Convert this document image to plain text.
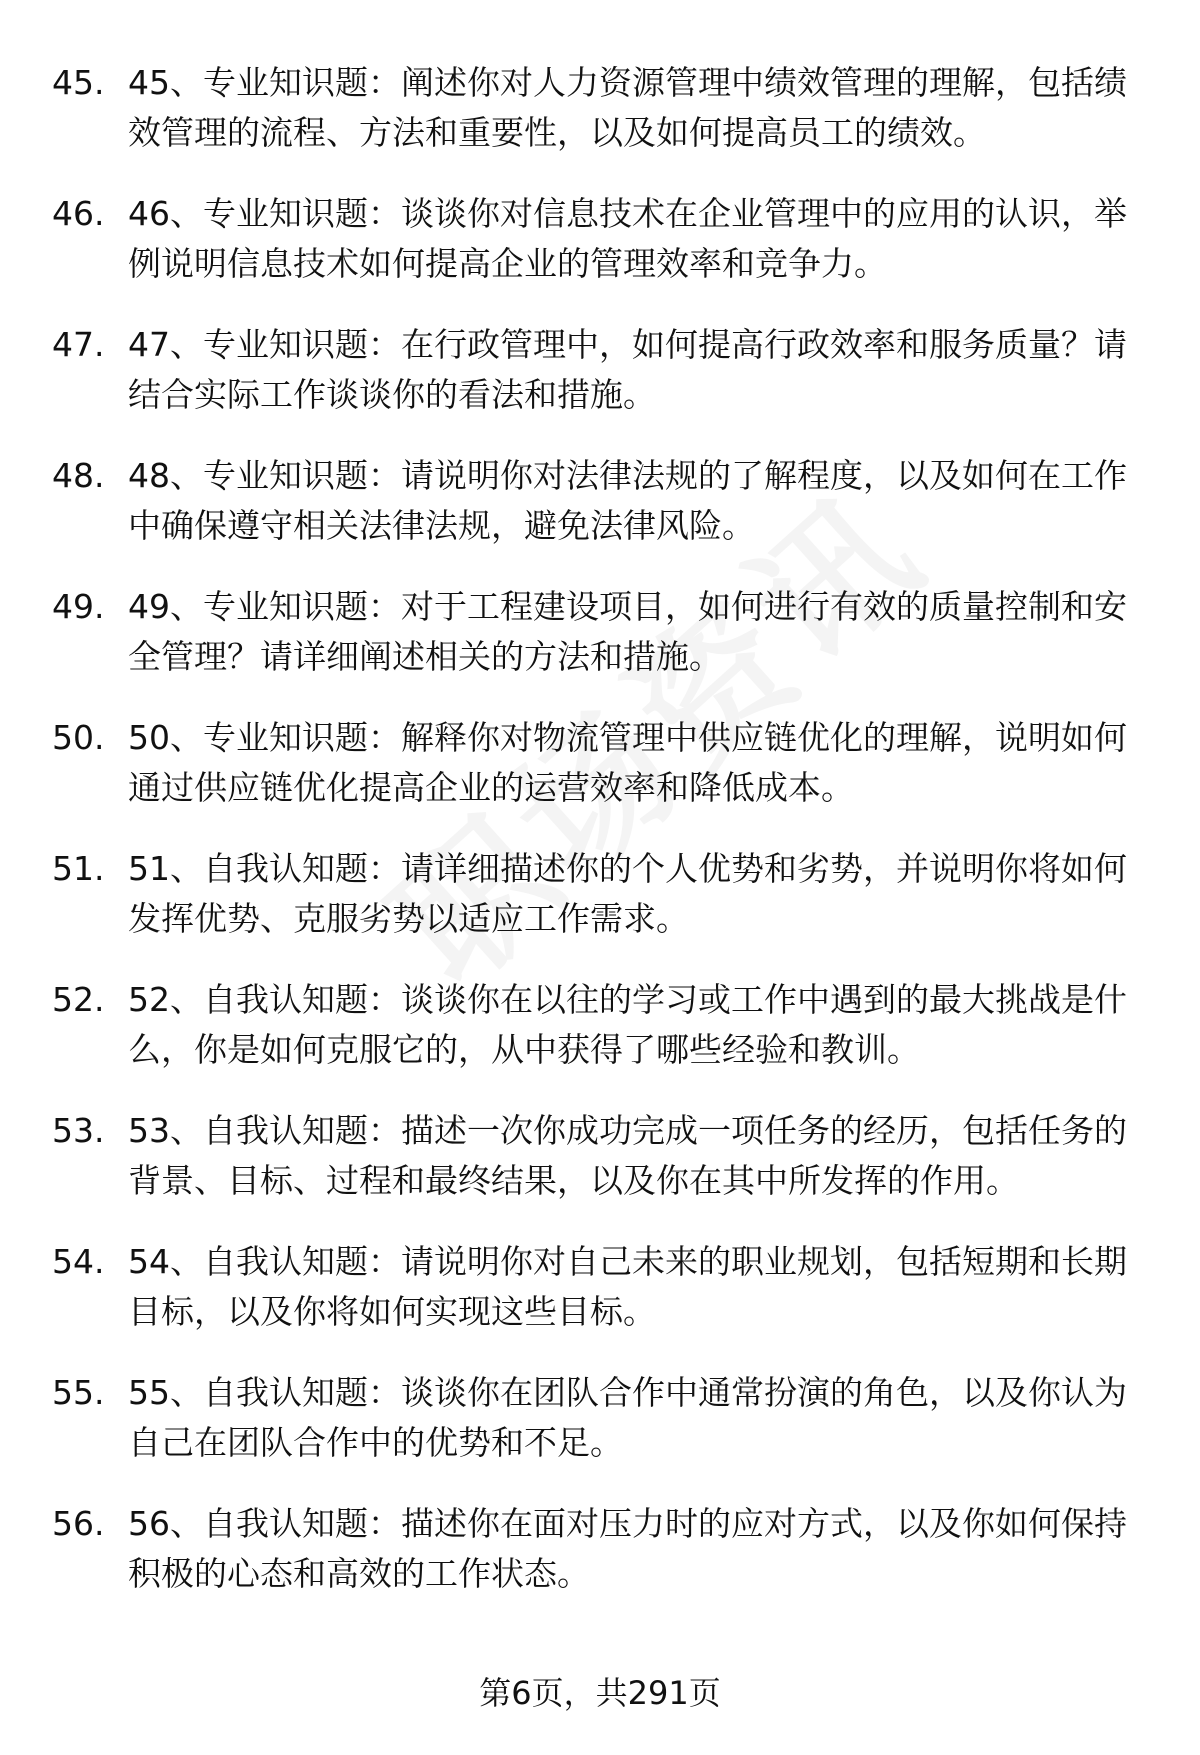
45. 45、专业知识题：阐述你对人力资源管理中绩效管理的理解，包括绩效管理的流程、方法和重要性，以及如何提高员工的绩效。
46. 46、专业知识题：谈谈你对信息技术在企业管理中的应用的认识，举例说明信息技术如何提高企业的管理效率和竞争力。
47. 47、专业知识题：在行政管理中，如何提高行政效率和服务质量？请结合实际工作谈谈你的看法和措施。
48. 48、专业知识题：请说明你对法律法规的了解程度，以及如何在工作中确保遵守相关法律法规，避免法律风险。
49. 49、专业知识题：对于工程建设项目，如何进行有效的质量控制和安全管理？请详细阐述相关的方法和措施。
50. 50、专业知识题：解释你对物流管理中供应链优化的理解，说明如何通过供应链优化提高企业的运营效率和降低成本。
51. 51、自我认知题：请详细描述你的个人优势和劣势，并说明你将如何发挥优势、克服劣势以适应工作需求。
52. 52、自我认知题：谈谈你在以往的学习或工作中遇到的最大挑战是什么，你是如何克服它的，从中获得了哪些经验和教训。
53. 53、自我认知题：描述一次你成功完成一项任务的经历，包括任务的背景、目标、过程和最终结果，以及你在其中所发挥的作用。
54. 54、自我认知题：请说明你对自己未来的职业规划，包括短期和长期目标，以及你将如何实现这些目标。
55. 55、自我认知题：谈谈你在团队合作中通常扮演的角色，以及你认为自己在团队合作中的优势和不足。
56. 56、自我认知题：描述你在面对压力时的应对方式，以及你如何保持积极的心态和高效的工作状态。
第6页，共291页
